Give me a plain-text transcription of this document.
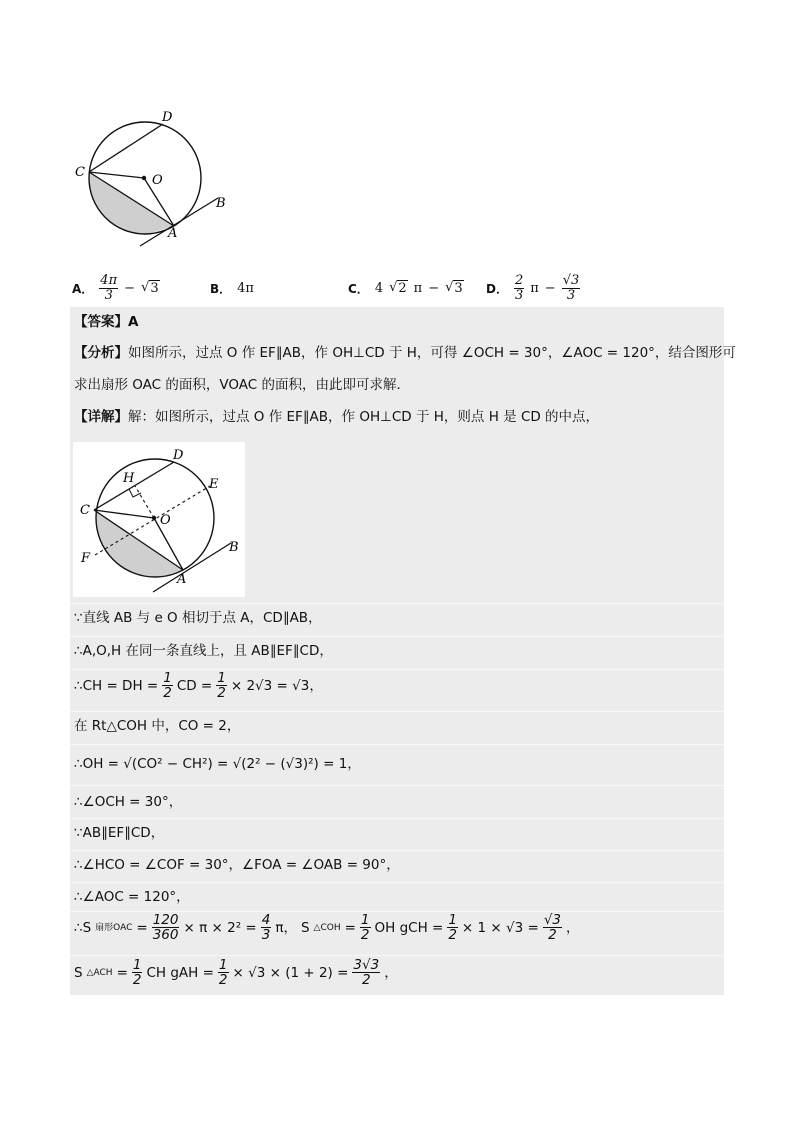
D
C
O
B
A
A． $\frac{4\pi}{3}$ − √ 3	B． 4π	C． 4 √ 2 π − √ 3 D． $\frac{2}{3}$ $\pi - \frac{√3}{3}$
【答案】A
【分析】如图所示，过点 O 作 EF∥AB，作 OH⊥CD 于 H，可得 ∠OCH = 30°，∠AOC = 120°，结合图形可
求出扇形 OAC 的面积，VOAC 的面积，由此即可求解．
【详解】解：如图所示，过点 O 作 EF∥AB，作 OH⊥CD 于 H，则点 H 是 CD 的中点，
D
H	E
C
O
F
B
A
∵直线 AB 与 e O 相切于点 A，CD∥AB，
∴A,O,H 在同一条直线上，且 AB∥EF∥CD，
∴CH = DH = $\frac{1}{2}$ CD = $\frac{1}{2} \times 2√3 = √3$，
在 Rt△COH 中，CO = 2，
∴OH = √(CO² − CH²) = √(2² − (√3)²) = 1，
∴∠OCH = 30°，
∵AB∥EF∥CD，
∴∠HCO = ∠COF = 30°，∠FOA = ∠OAB = 90°，
∴∠AOC = 120°，
∴S 扇形OAC = $\frac{120}{360} \times \pi \times 2^2 = \frac{4}{3}$ π， S △COH = $\frac{1}{2}$ OH gCH = $\frac{1}{2} \times 1 \times √3 = \frac{√3}{2}$ ，
S △ACH = $\frac{1}{2}$ CH gAH = $\frac{1}{2} \times √3 \times (1 + 2) = \frac{3√3}{2}$ ，
